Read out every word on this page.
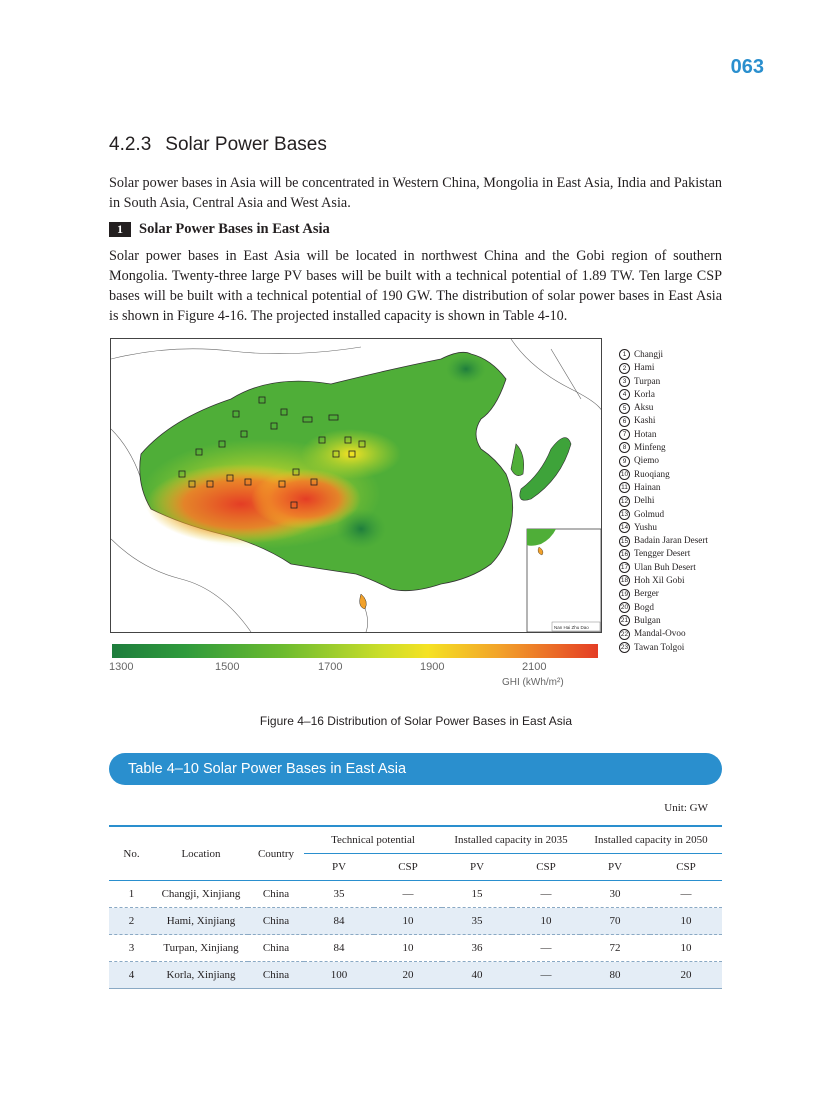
063
4.2.3 Solar Power Bases

Solar power bases in Asia will be concentrated in Western China, Mongolia in East Asia, India and Pakistan in South Asia, Central Asia and West Asia.

1	Solar Power Bases in East Asia

Solar power bases in East Asia will be located in northwest China and the Gobi region of southern Mongolia. Twenty-three large PV bases will be built with a technical potential of 1.89 TW. Ten large CSP bases will be built with a technical potential of 190 GW. The distribution of solar power bases in East Asia is shown in Figure 4-16. The projected installed capacity is shown in Table 4-10.

Nan Hai Zhu Dao
1 Changji
2 Hami
3 Turpan
4 Korla
5 Aksu
6 Kashi
7 Hotan
8 Minfeng
9 Qiemo
10 Ruoqiang
11 Hainan
12 Delhi
13 Golmud
14 Yushu
15 Badain Jaran Desert
16 Tengger Desert
17 Ulan Buh Desert
18 Hoh Xil Gobi
19 Berger
20 Bogd
21 Bulgan
22 Mandal-Ovoo
23 Tawan Tolgoi
1300	1500	1700	1900	2100
GHI (kWh/m²)
Figure 4–16 Distribution of Solar Power Bases in East Asia
Table 4–10 Solar Power Bases in East Asia
Unit: GW
No.	Location	Country	Technical potential		Installed capacity in 2035		Installed capacity in 2050	
			PV	CSP	PV	CSP	PV	CSP
1	Changji, Xinjiang	China	35	—	15	—	30	—
2	Hami, Xinjiang	China	84	10	35	10	70	10
3	Turpan, Xinjiang	China	84	10	36	—	72	10
4	Korla, Xinjiang	China	100	20	40	—	80	20
